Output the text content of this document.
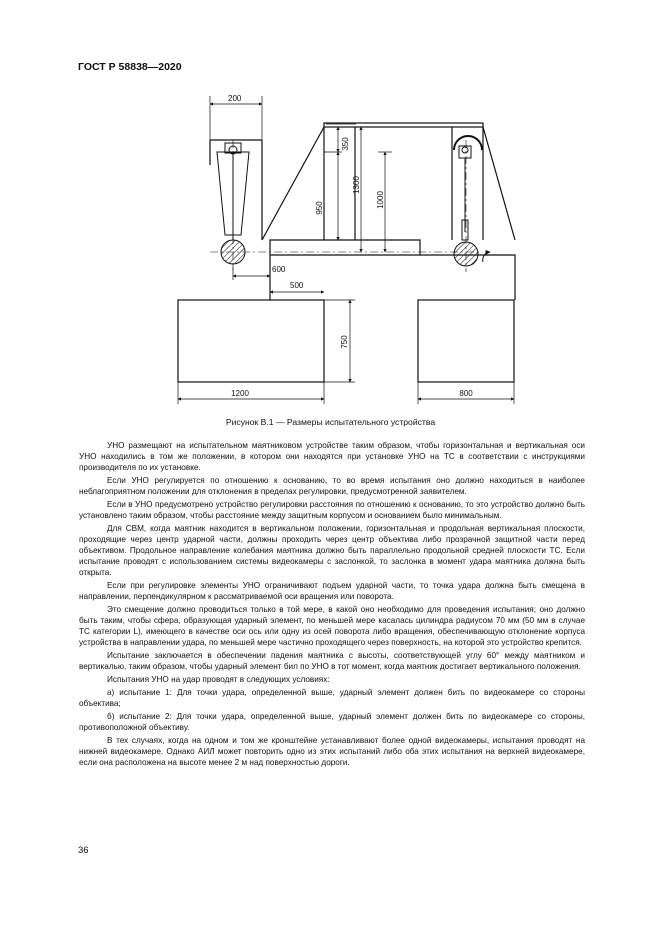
ГОСТ Р 58838—2020
200
350
950
1300
1000
600
500
750
1200	800
Рисунок В.1 — Размеры испытательного устройства

УНО размещают на испытательном маятниковом устройстве таким образом, чтобы горизонтальная и вертикальная оси УНО находились в том же положении, в котором они находятся при установке УНО на ТС в соответствии с инструкциями производителя по их установке.

Если УНО регулируется по отношению к основанию, то во время испытания оно должно находиться в наиболее неблагоприятном положении для отклонения в пределах регулировки, предусмотренной заявителем.

Если в УНО предусмотрено устройство регулировки расстояния по отношению к основанию, то это устройство должно быть установлено таким образом, чтобы расстояние между защитным корпусом и основанием было минимальным.

Для СВМ, когда маятник находится в вертикальном положении, горизонтальная и продольная вертикальная плоскости, проходящие через центр ударной части, должны проходить через центр объектива либо прозрачной защитной части перед объективом. Продольное направление колебания маятника должно быть параллельно продольной средней плоскости ТС. Если испытание проводят с использованием системы видеокамеры с заслонкой, то заслонка в момент удара маятника должна быть открыта.

Если при регулировке элементы УНО ограничивают подъем ударной части, то точка удара должна быть смещена в направлении, перпендикулярном к рассматриваемой оси вращения или поворота.

Это смещение должно проводиться только в той мере, в какой оно необходимо для проведения испытания; оно должно быть таким, чтобы сфера, образующая ударный элемент, по меньшей мере касалась цилиндра радиусом 70 мм (50 мм в случае ТС категории L), имеющего в качестве оси ось или одну из осей поворота либо вращения, обеспечивающую отклонение корпуса устройства в направлении удара, по меньшей мере частично проходящего через поверхность, на которой это устройство крепится.

Испытание заключается в обеспечении падения маятника с высоты, соответствующей углу 60° между маятником и вертикалью, таким образом, чтобы ударный элемент бил по УНО в тот момент, когда маятник достигает вертикального положения.

Испытания УНО на удар проводят в следующих условиях:

а) испытание 1: Для точки удара, определенной выше, ударный элемент должен бить по видеокамере со стороны объектива;

б) испытание 2: Для точки удара, определенной выше, ударный элемент должен бить по видеокамере со стороны, противоположной объективу.

В тех случаях, когда на одном и том же кронштейне устанавливают более одной видеокамеры, испытания проводят на нижней видеокамере. Однако АИЛ может повторить одно из этих испытаний либо оба этих испытания на верхней видеокамере, если она расположена на высоте менее 2 м над поверхностью дороги.

36
